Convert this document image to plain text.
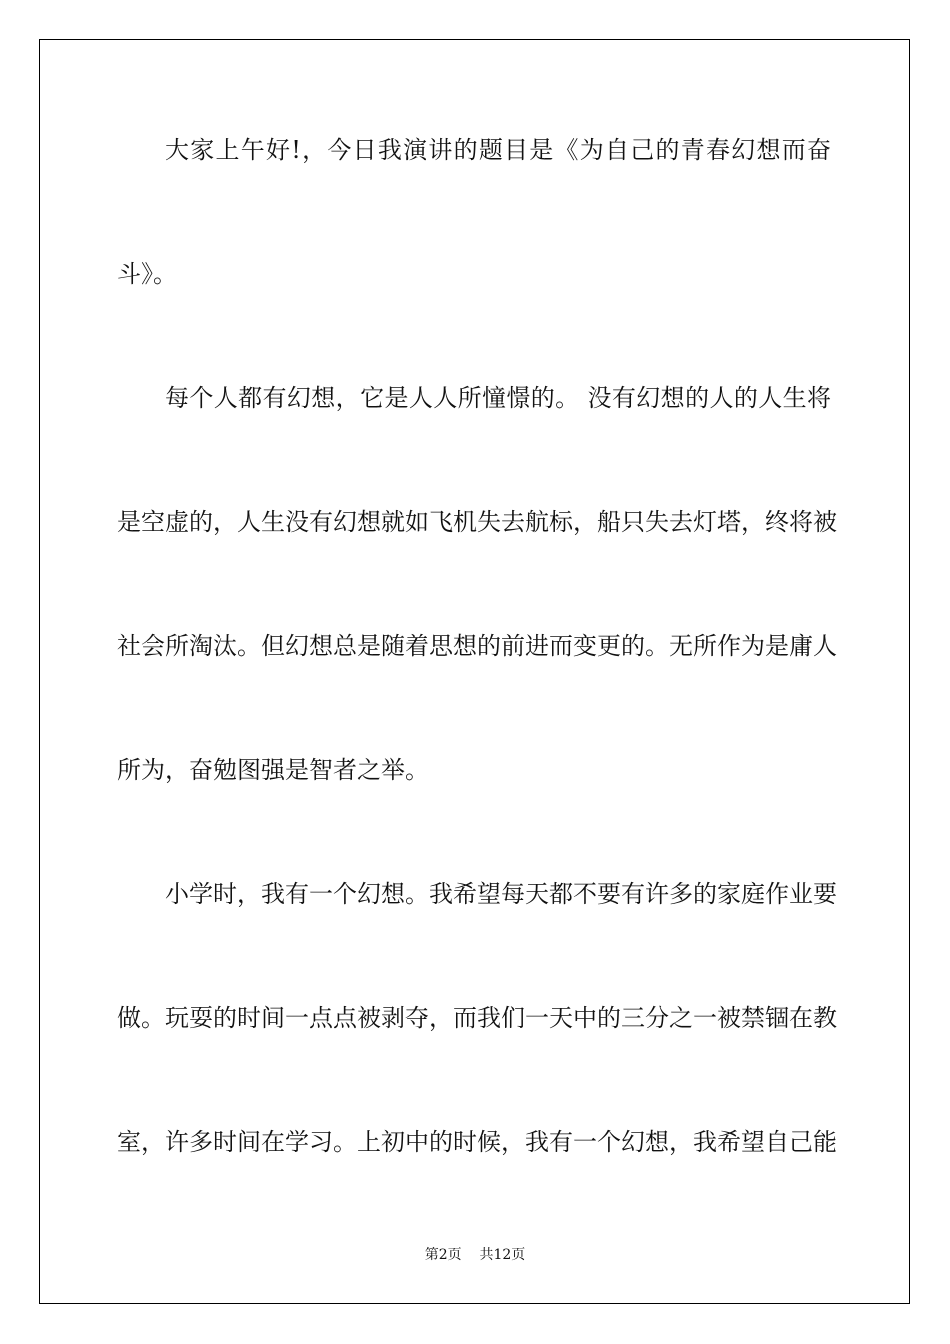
大家上午好!，今日我演讲的题目是《为自己的青春幻想而奋
斗》。
每个人都有幻想，它是人人所憧憬的。 没有幻想的人的人生将
是空虚的，人生没有幻想就如飞机失去航标，船只失去灯塔，终将被
社会所淘汰。但幻想总是随着思想的前进而变更的。无所作为是庸人
所为，奋勉图强是智者之举。
小学时，我有一个幻想。我希望每天都不要有许多的家庭作业要
做。玩耍的时间一点点被剥夺，而我们一天中的三分之一被禁锢在教
室，许多时间在学习。上初中的时候，我有一个幻想，我希望自己能
第2页 共12页
